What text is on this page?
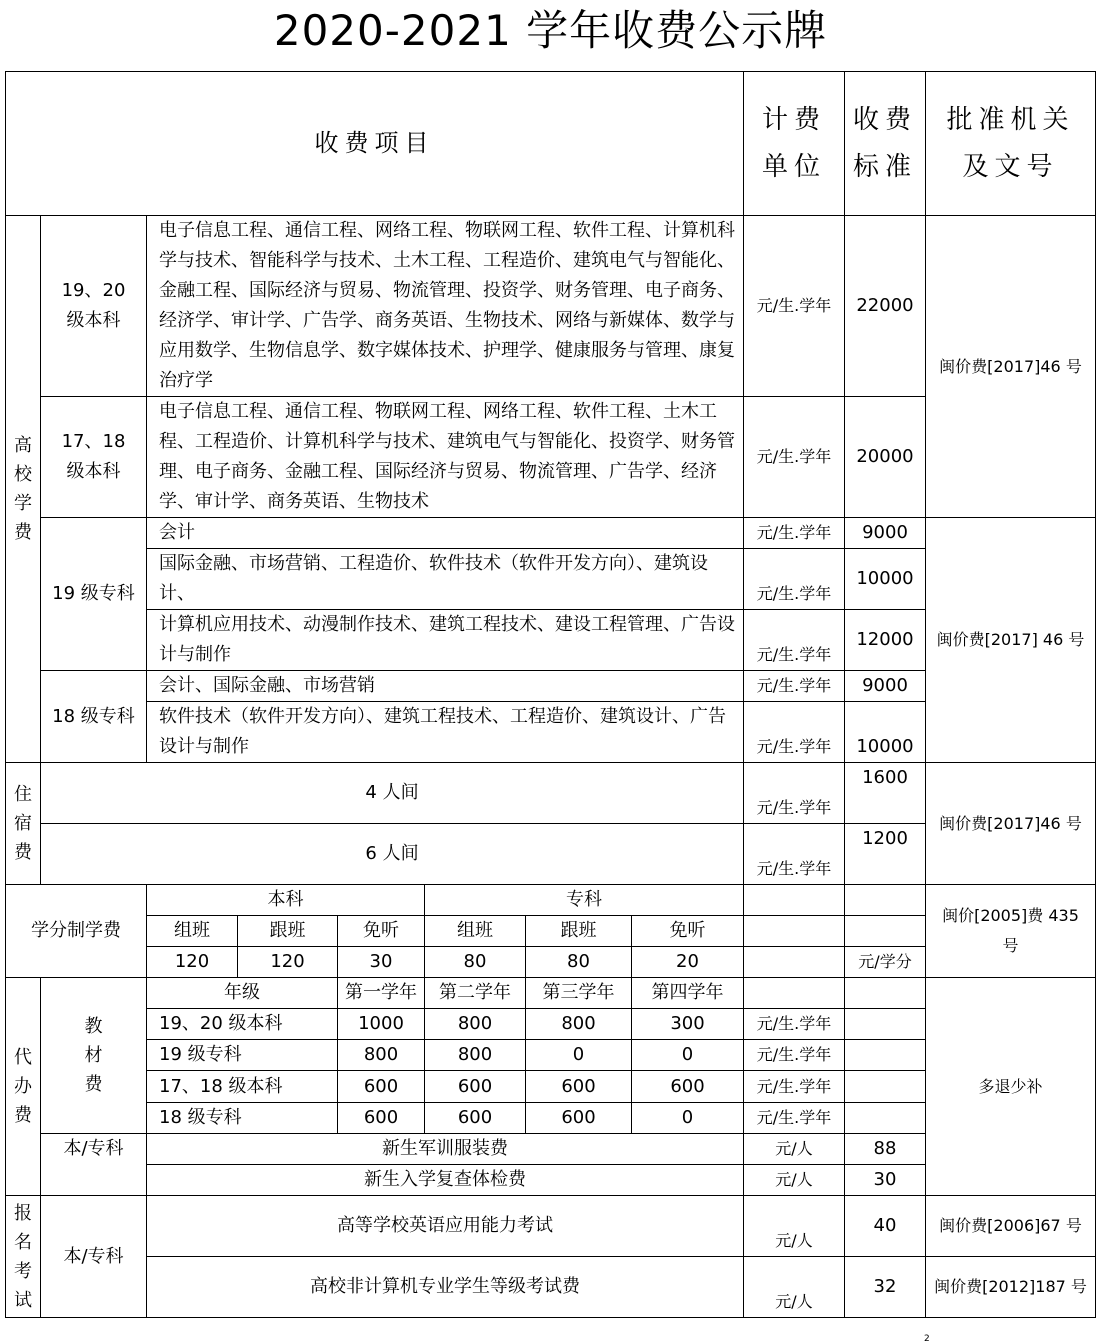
2020-2021 学年收费公示牌
收费项目								计费单位	收费标准	批准机关及文号
高校学费	19、20 级本科	电子信息工程、通信工程、网络工程、物联网工程、软件工程、计算机科学与技术、智能科学与技术、土木工程、工程造价、建筑电气与智能化、金融工程、国际经济与贸易、物流管理、投资学、财务管理、电子商务、经济学、审计学、广告学、商务英语、生物技术、网络与新媒体、数学与应用数学、生物信息学、数字媒体技术、护理学、健康服务与管理、康复治疗学						元/生.学年	22000	闽价费[2017]46 号
	17、18 级本科	电子信息工程、通信工程、物联网工程、网络工程、软件工程、土木工程、工程造价、计算机科学与技术、建筑电气与智能化、投资学、财务管理、电子商务、金融工程、国际经济与贸易、物流管理、广告学、经济学、审计学、商务英语、生物技术						元/生.学年	20000	
	19 级专科	会计						元/生.学年	9000	闽价费[2017] 46 号
		国际金融、市场营销、工程造价、软件技术（软件开发方向）、建筑设计、						元/生.学年	10000	
		计算机应用技术、动漫制作技术、建筑工程技术、建设工程管理、广告设计与制作						元/生.学年	12000	
	18 级专科	会计、国际金融、市场营销						元/生.学年	9000	
		软件技术（软件开发方向）、建筑工程技术、工程造价、建筑设计、广告设计与制作						元/生.学年	10000	
住宿费	4 人间							元/生.学年	1600	闽价费[2017]46 号
	6 人间							元/生.学年	1200	
学分制学费		本科			专科					闽价[2005]费 435 号
		组班	跟班	免听	组班	跟班	免听			
		120	120	30	80	80	20		元/学分	
代办费	教材费	年级		第一学年	第二学年	第三学年	第四学年			多退少补
		19、20 级本科		1000	800	800	300	元/生.学年		
		19 级专科		800	800	0	0	元/生.学年		
		17、18 级本科		600	600	600	600	元/生.学年		
		18 级专科		600	600	600	0	元/生.学年		
	本/专科	新生军训服装费						元/人	88	
		新生入学复查体检费						元/人	30	
报名考试	本/专科	高等学校英语应用能力考试						元/人	40	闽价费[2006]67 号
		高校非计算机专业学生等级考试费						元/人	32	闽价费[2012]187 号
2
